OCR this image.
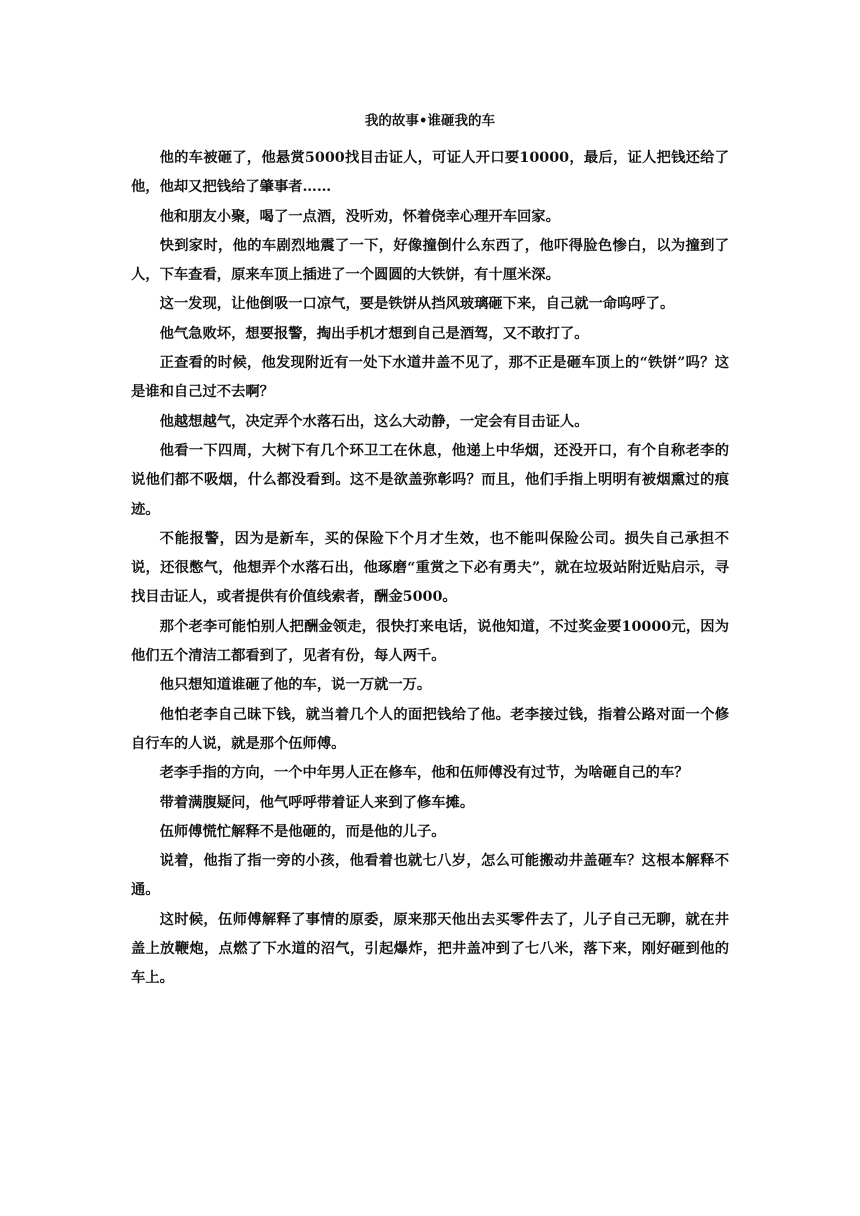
我的故事•谁砸我的车

他的车被砸了，他悬赏5000找目击证人，可证人开口要10000，最后，证人把钱还给了他，他却又把钱给了肇事者……

他和朋友小聚，喝了一点酒，没听劝，怀着侥幸心理开车回家。

快到家时，他的车剧烈地震了一下，好像撞倒什么东西了，他吓得脸色惨白，以为撞到了人，下车查看，原来车顶上插进了一个圆圆的大铁饼，有十厘米深。

这一发现，让他倒吸一口凉气，要是铁饼从挡风玻璃砸下来，自己就一命呜呼了。

他气急败坏，想要报警，掏出手机才想到自己是酒驾，又不敢打了。

正查看的时候，他发现附近有一处下水道井盖不见了，那不正是砸车顶上的“铁饼”吗？这是谁和自己过不去啊？

他越想越气，决定弄个水落石出，这么大动静，一定会有目击证人。

他看一下四周，大树下有几个环卫工在休息，他递上中华烟，还没开口，有个自称老李的说他们都不吸烟，什么都没看到。这不是欲盖弥彰吗？而且，他们手指上明明有被烟熏过的痕迹。

不能报警，因为是新车，买的保险下个月才生效，也不能叫保险公司。损失自己承担不说，还很憋气，他想弄个水落石出，他琢磨“重赏之下必有勇夫”，就在垃圾站附近贴启示，寻找目击证人，或者提供有价值线索者，酬金5000。

那个老李可能怕别人把酬金领走，很快打来电话，说他知道，不过奖金要10000元，因为他们五个清洁工都看到了，见者有份，每人两千。

他只想知道谁砸了他的车，说一万就一万。

他怕老李自己昧下钱，就当着几个人的面把钱给了他。老李接过钱，指着公路对面一个修自行车的人说，就是那个伍师傅。

老李手指的方向，一个中年男人正在修车，他和伍师傅没有过节，为啥砸自己的车？

带着满腹疑问，他气呼呼带着证人来到了修车摊。

伍师傅慌忙解释不是他砸的，而是他的儿子。

说着，他指了指一旁的小孩，他看着也就七八岁，怎么可能搬动井盖砸车？这根本解释不通。

这时候，伍师傅解释了事情的原委，原来那天他出去买零件去了，儿子自己无聊，就在井盖上放鞭炮，点燃了下水道的沼气，引起爆炸，把井盖冲到了七八米，落下来，刚好砸到他的车上。
